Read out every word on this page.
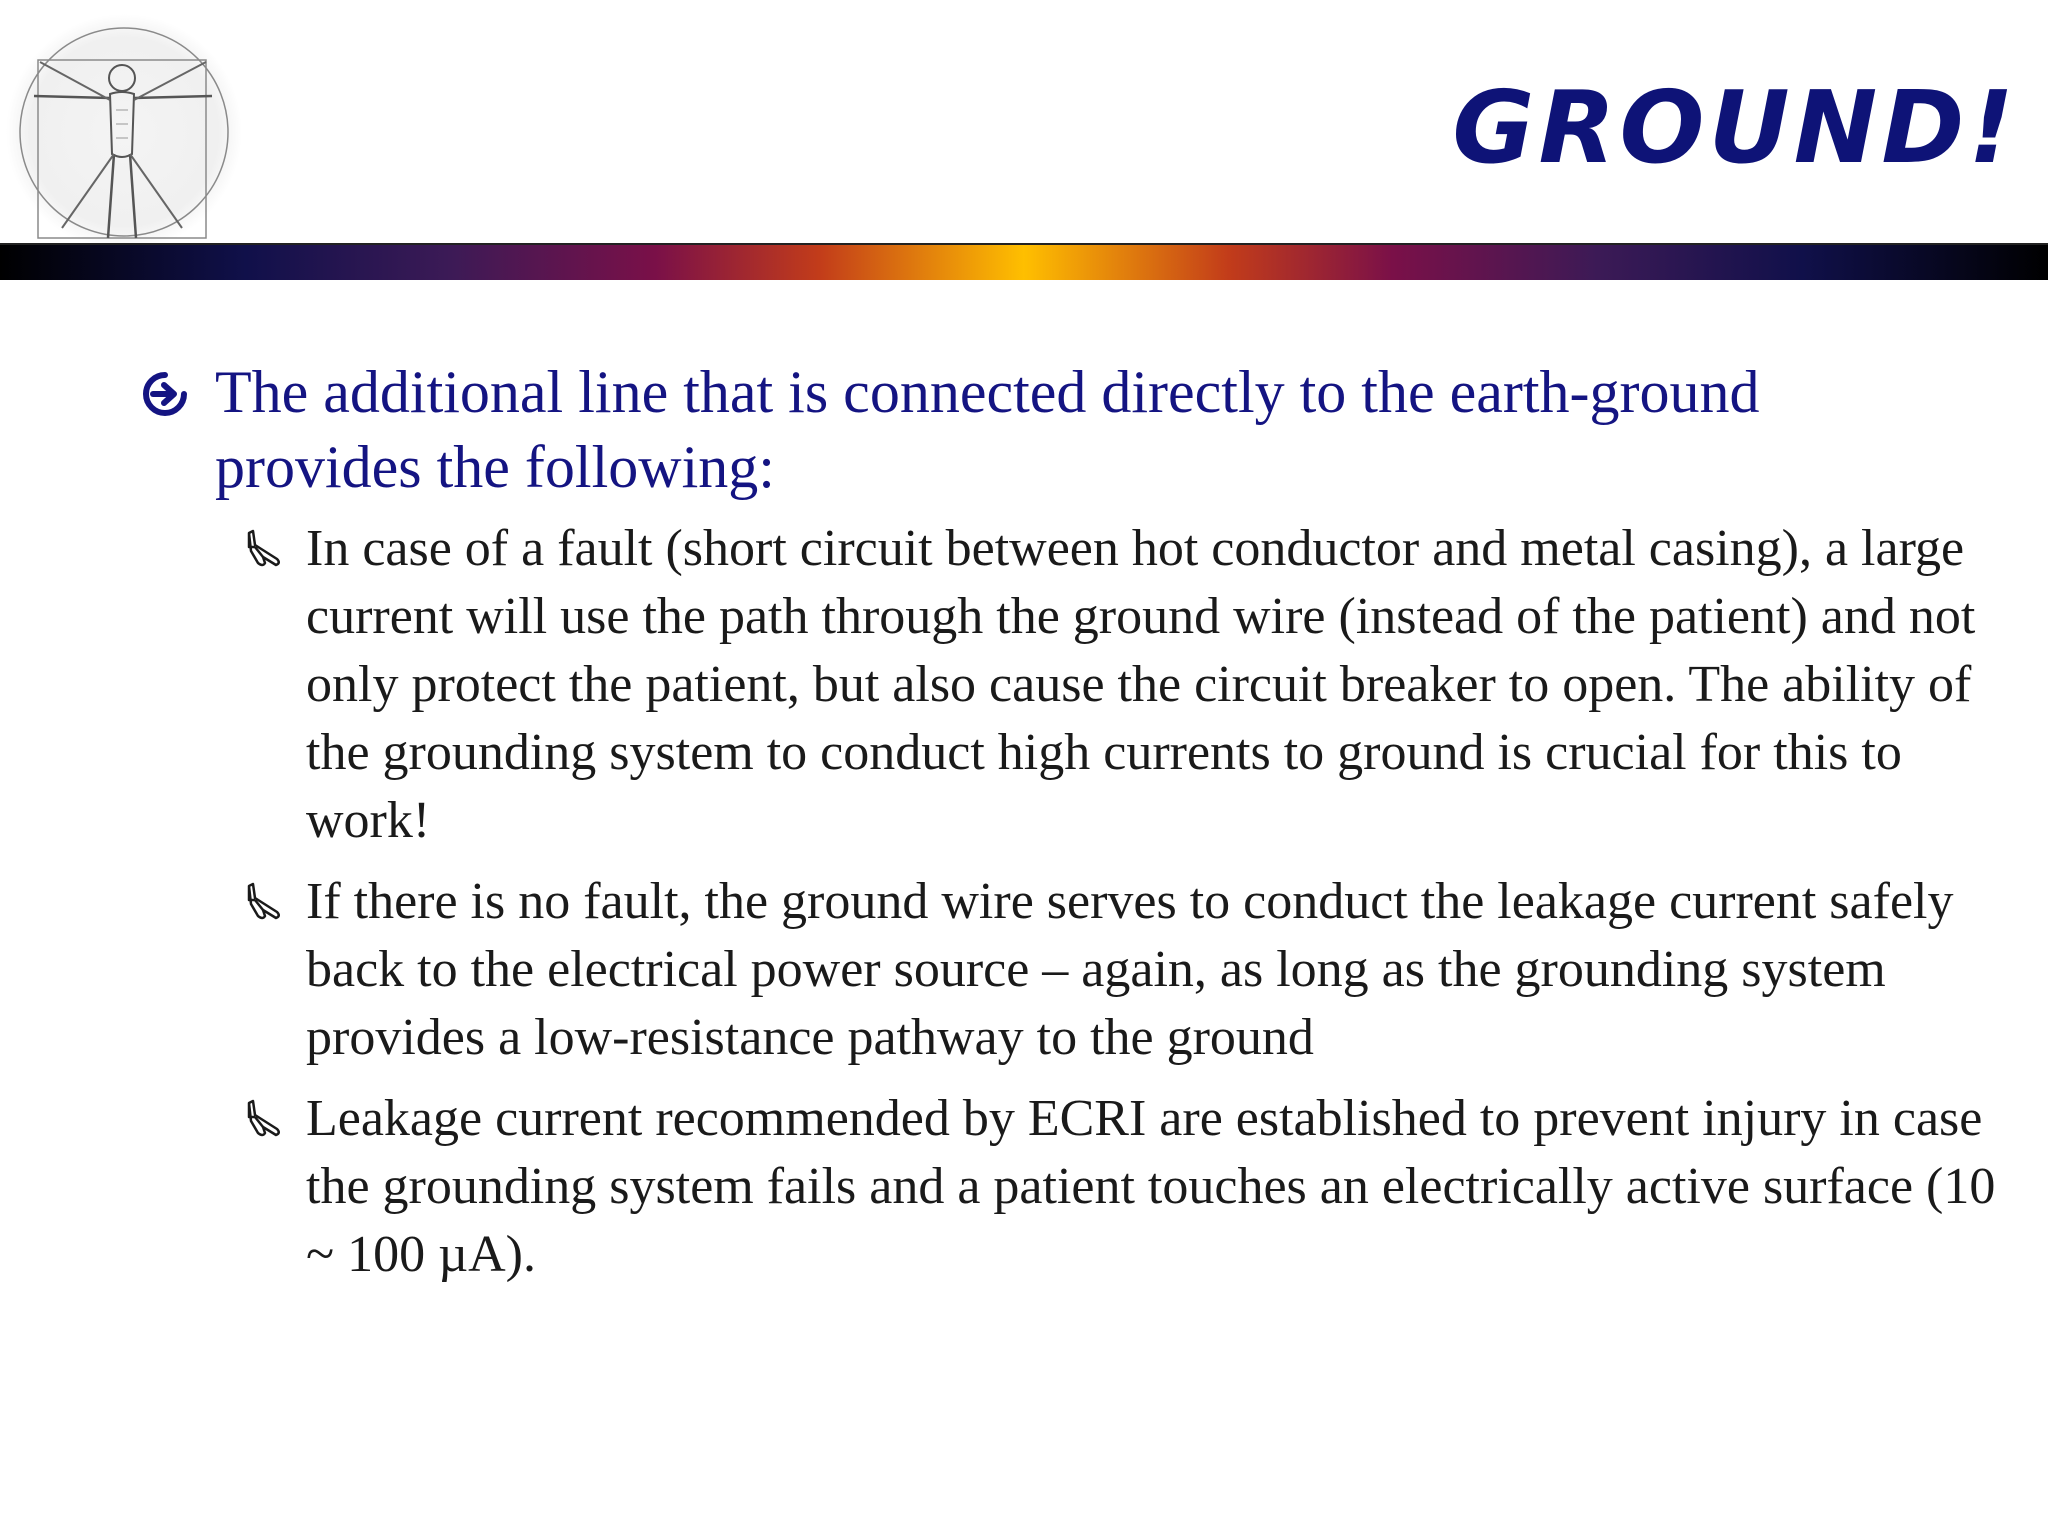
GROUND!
The additional line that is connected directly to the earth-ground provides the following:
In case of a fault (short circuit between hot conductor and metal casing), a large current will use the path through the ground wire (instead of the patient) and not only protect the patient, but also cause the circuit breaker to open. The ability of the grounding system to conduct high currents to ground is crucial for this to work!
If there is no fault, the ground wire serves to conduct the leakage current safely back to the electrical power source – again, as long as the grounding system provides a low-resistance pathway to the ground
Leakage current recommended by ECRI are established to prevent injury in case the grounding system fails and a patient touches an electrically active surface (10 ~ 100 µA).
